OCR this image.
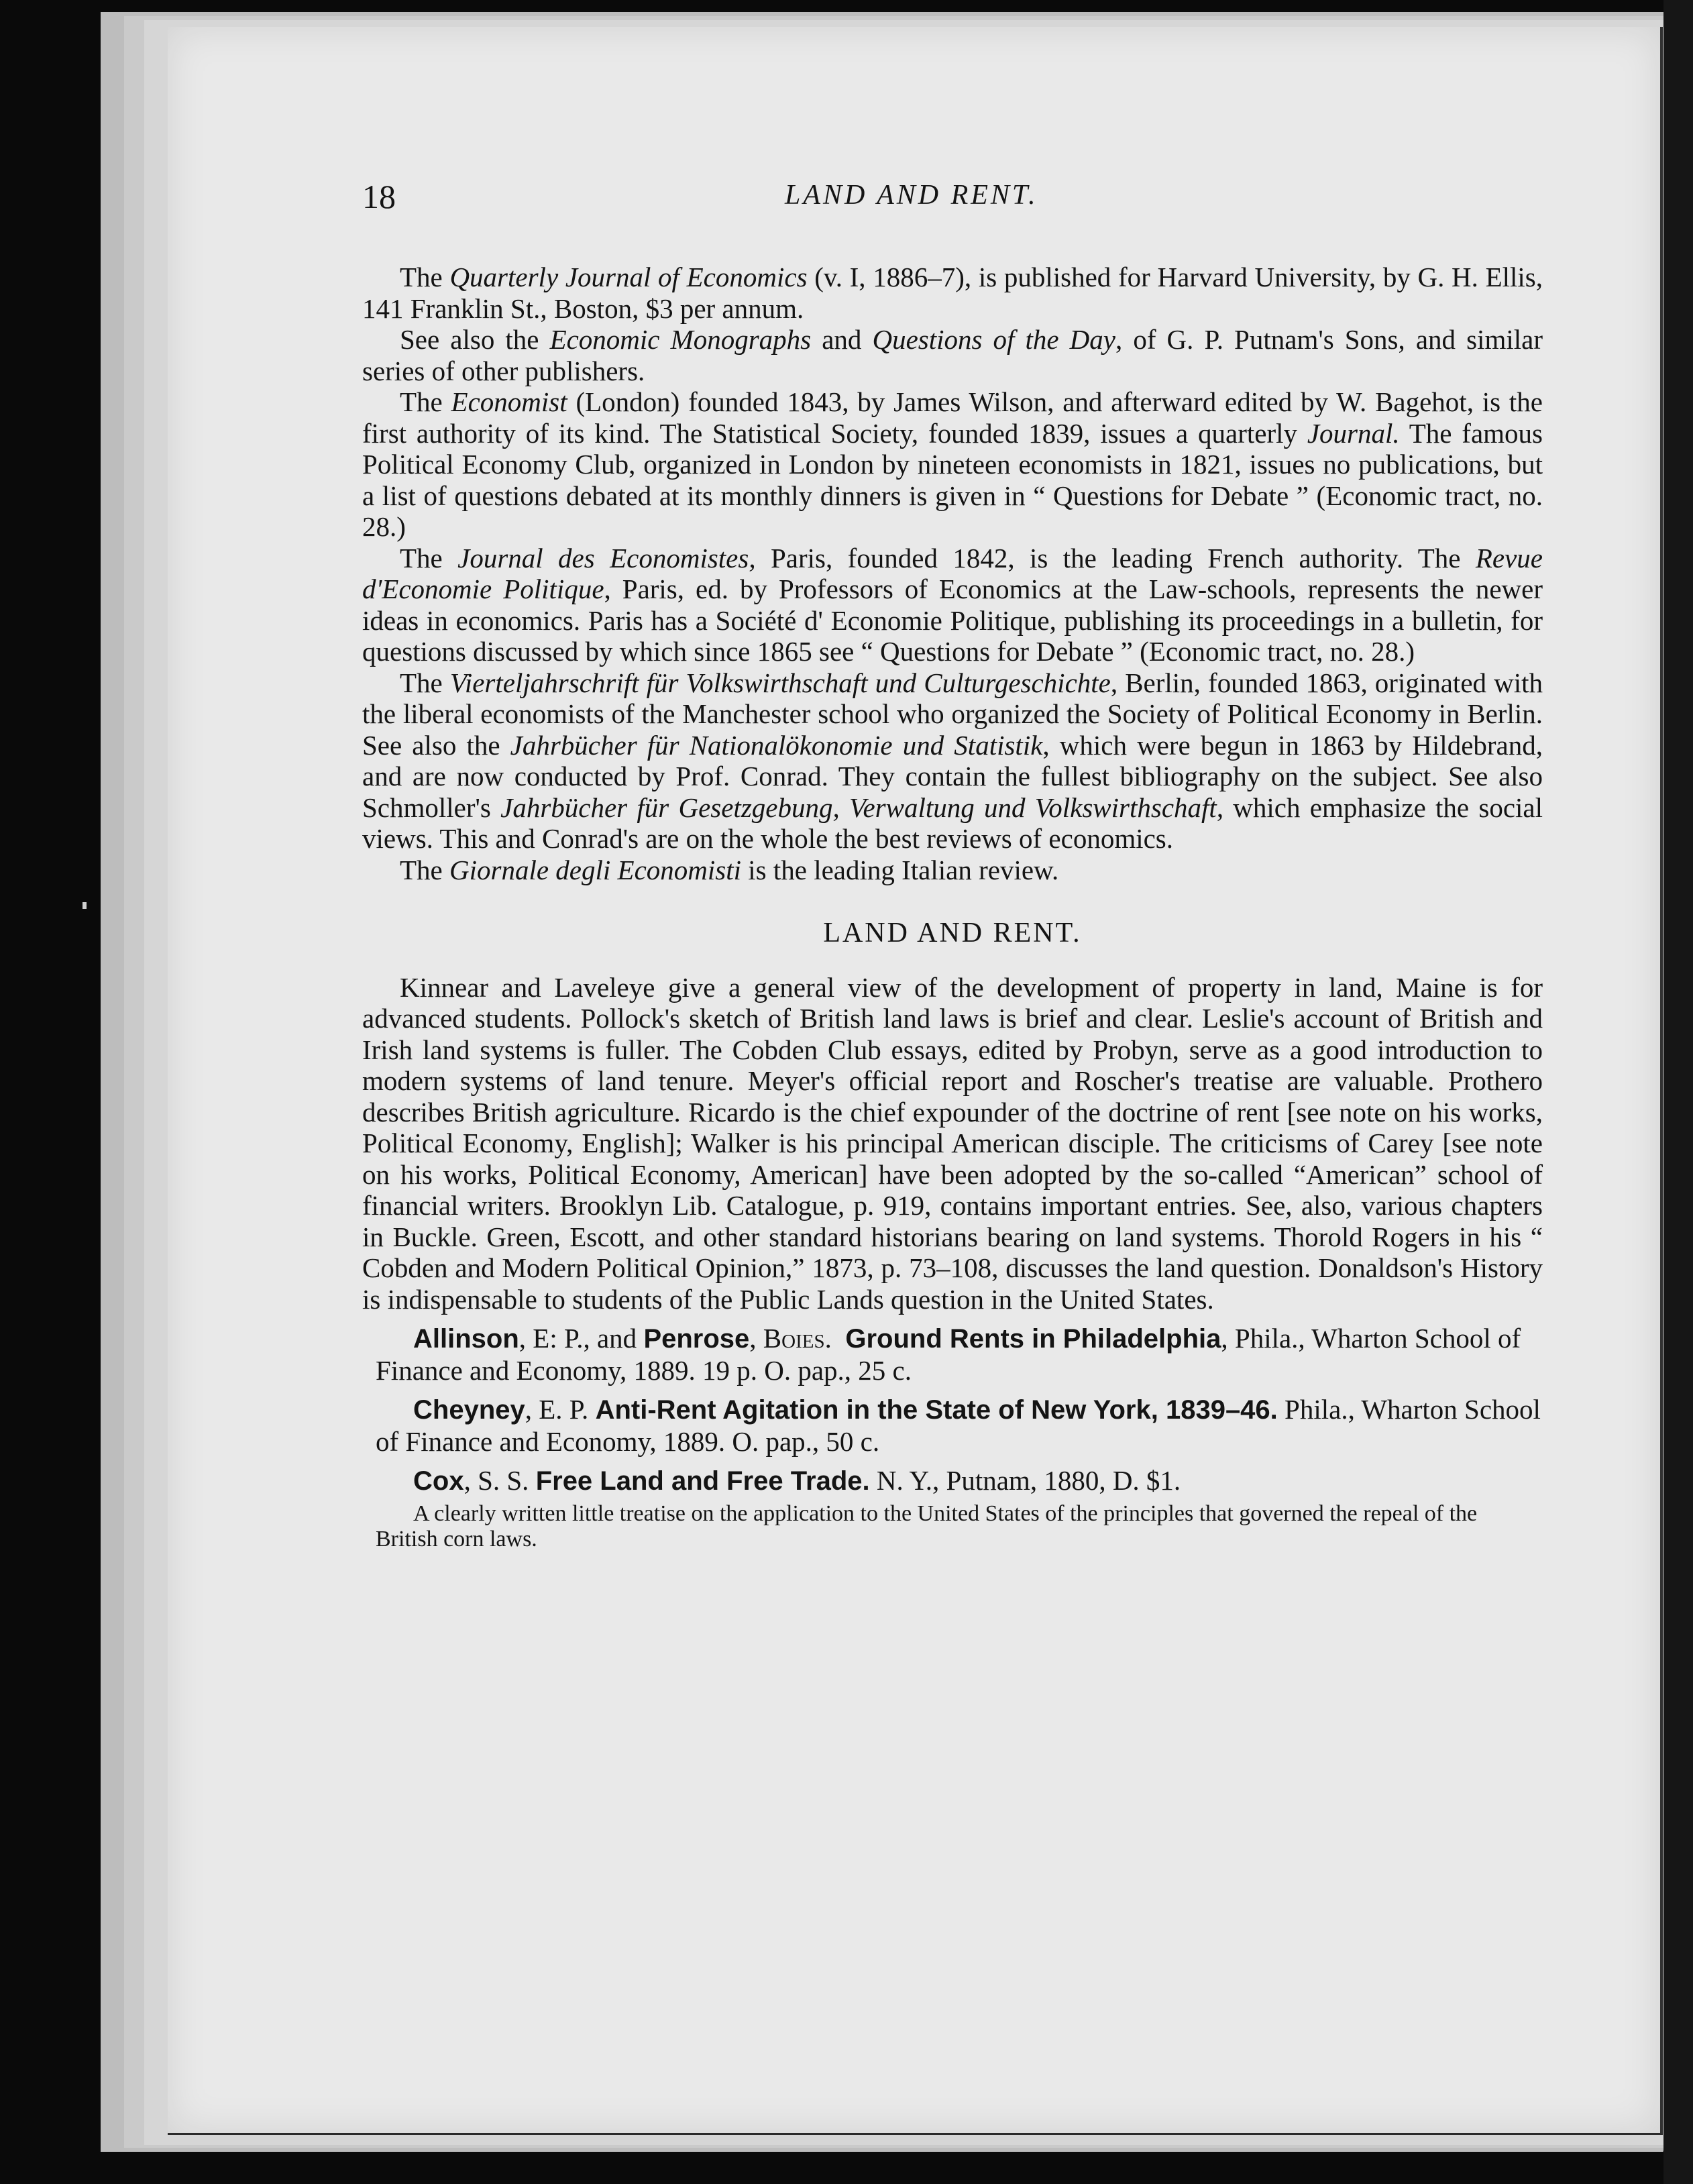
18	LAND AND RENT.

The Quarterly Journal of Economics (v. I, 1886–7), is published for Harvard University, by G. H. Ellis, 141 Franklin St., Boston, $3 per annum.

See also the Economic Monographs and Questions of the Day, of G. P. Putnam's Sons, and similar series of other publishers.

The Economist (London) founded 1843, by James Wilson, and afterward edited by W. Bagehot, is the first authority of its kind. The Statistical Society, founded 1839, issues a quarterly Journal. The famous Political Economy Club, organized in London by nineteen economists in 1821, issues no publications, but a list of questions debated at its monthly dinners is given in “ Questions for Debate ” (Economic tract, no. 28.)

The Journal des Economistes, Paris, founded 1842, is the leading French authority. The Revue d'Economie Politique, Paris, ed. by Professors of Economics at the Law-schools, represents the newer ideas in economics. Paris has a Société d' Economie Politique, publishing its proceedings in a bulletin, for questions discussed by which since 1865 see “ Questions for Debate ” (Economic tract, no. 28.)

The Vierteljahrschrift für Volkswirthschaft und Culturgeschichte, Berlin, founded 1863, originated with the liberal economists of the Manchester school who organized the Society of Political Economy in Berlin. See also the Jahrbücher für Nationalökonomie und Statistik, which were begun in 1863 by Hildebrand, and are now conducted by Prof. Conrad. They contain the fullest bibliography on the subject. See also Schmoller's Jahrbücher für Gesetzgebung, Verwaltung und Volkswirthschaft, which emphasize the social views. This and Conrad's are on the whole the best reviews of economics.

The Giornale degli Economisti is the leading Italian review.

LAND AND RENT.

Kinnear and Laveleye give a general view of the development of property in land, Maine is for advanced students. Pollock's sketch of British land laws is brief and clear. Leslie's account of British and Irish land systems is fuller. The Cobden Club essays, edited by Probyn, serve as a good introduction to modern systems of land tenure. Meyer's official report and Roscher's treatise are valuable. Prothero describes British agriculture. Ricardo is the chief expounder of the doctrine of rent [see note on his works, Political Economy, English]; Walker is his principal American disciple. The criticisms of Carey [see note on his works, Political Economy, American] have been adopted by the so-called “American” school of financial writers. Brooklyn Lib. Catalogue, p. 919, contains important entries. See, also, various chapters in Buckle. Green, Escott, and other standard historians bearing on land systems. Thorold Rogers in his “ Cobden and Modern Political Opinion,” 1873, p. 73–108, discusses the land question. Donaldson's History is indispensable to students of the Public Lands question in the United States.

Allinson, E: P., and Penrose, Boies. Ground Rents in Philadelphia, Phila., Wharton School of Finance and Economy, 1889. 19 p. O. pap., 25 c.

Cheyney, E. P. Anti-Rent Agitation in the State of New York, 1839–46. Phila., Wharton School of Finance and Economy, 1889. O. pap., 50 c.

Cox, S. S. Free Land and Free Trade. N. Y., Putnam, 1880, D. $1.

A clearly written little treatise on the application to the United States of the principles that governed the repeal of the British corn laws.
